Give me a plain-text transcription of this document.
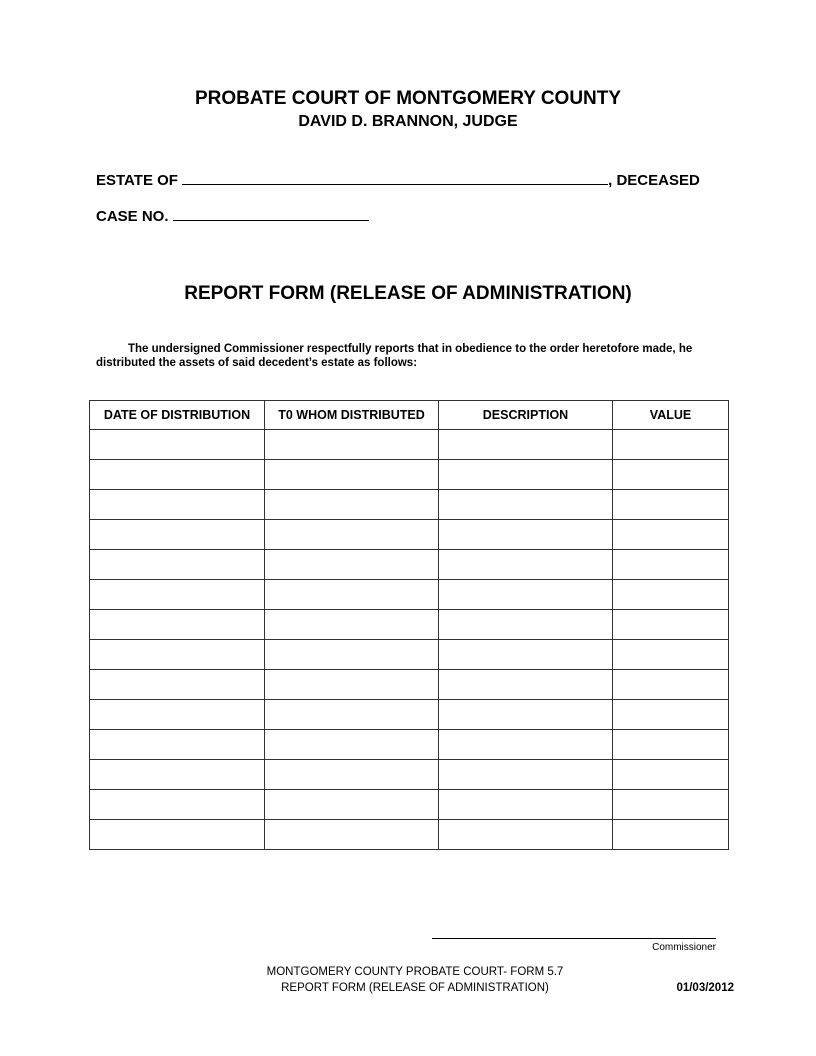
PROBATE COURT OF MONTGOMERY COUNTY
DAVID D. BRANNON, JUDGE
ESTATE OF	, DECEASED
CASE NO.
REPORT FORM (RELEASE OF ADMINISTRATION)
The undersigned Commissioner respectfully reports that in obedience to the order heretofore made, he distributed the assets of said decedent’s estate as follows:
DATE OF DISTRIBUTION	T0 WHOM DISTRIBUTED	DESCRIPTION	VALUE

Commissioner
MONTGOMERY COUNTY PROBATE COURT- FORM 5.7
REPORT FORM (RELEASE OF ADMINISTRATION)	01/03/2012
